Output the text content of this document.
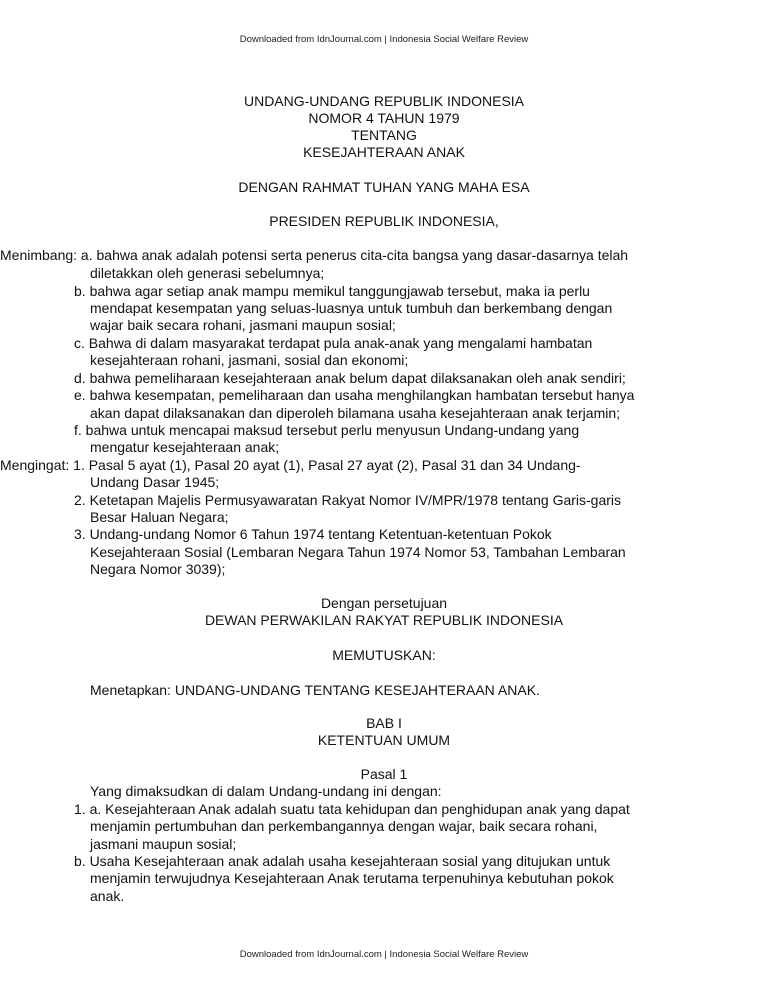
Downloaded from IdnJournal.com | Indonesia Social Welfare Review
UNDANG-UNDANG REPUBLIK INDONESIA
NOMOR 4 TAHUN 1979
TENTANG
KESEJAHTERAAN ANAK
DENGAN RAHMAT TUHAN YANG MAHA ESA
PRESIDEN REPUBLIK INDONESIA,
Menimbang: a. bahwa anak adalah potensi serta penerus cita-cita bangsa yang dasar-dasarnya telah
diletakkan oleh generasi sebelumnya;
b. bahwa agar setiap anak mampu memikul tanggungjawab tersebut, maka ia perlu
mendapat kesempatan yang seluas-luasnya untuk tumbuh dan berkembang dengan
wajar baik secara rohani, jasmani maupun sosial;
c. Bahwa di dalam masyarakat terdapat pula anak-anak yang mengalami hambatan
kesejahteraan rohani, jasmani, sosial dan ekonomi;
d. bahwa pemeliharaan kesejahteraan anak belum dapat dilaksanakan oleh anak sendiri;
e. bahwa kesempatan, pemeliharaan dan usaha menghilangkan hambatan tersebut hanya
akan dapat dilaksanakan dan diperoleh bilamana usaha kesejahteraan anak terjamin;
f. bahwa untuk mencapai maksud tersebut perlu menyusun Undang-undang yang
mengatur kesejahteraan anak;
Mengingat: 1. Pasal 5 ayat (1), Pasal 20 ayat (1), Pasal 27 ayat (2), Pasal 31 dan 34 Undang-
Undang Dasar 1945;
2. Ketetapan Majelis Permusyawaratan Rakyat Nomor IV/MPR/1978 tentang Garis-garis
Besar Haluan Negara;
3. Undang-undang Nomor 6 Tahun 1974 tentang Ketentuan-ketentuan Pokok
Kesejahteraan Sosial (Lembaran Negara Tahun 1974 Nomor 53, Tambahan Lembaran
Negara Nomor 3039);
Dengan persetujuan
DEWAN PERWAKILAN RAKYAT REPUBLIK INDONESIA
MEMUTUSKAN:
Menetapkan: UNDANG-UNDANG TENTANG KESEJAHTERAAN ANAK.
BAB I
KETENTUAN UMUM
Pasal 1
Yang dimaksudkan di dalam Undang-undang ini dengan:
1. a. Kesejahteraan Anak adalah suatu tata kehidupan dan penghidupan anak yang dapat
menjamin pertumbuhan dan perkembangannya dengan wajar, baik secara rohani,
jasmani maupun sosial;
b. Usaha Kesejahteraan anak adalah usaha kesejahteraan sosial yang ditujukan untuk
menjamin terwujudnya Kesejahteraan Anak terutama terpenuhinya kebutuhan pokok
anak.
Downloaded from IdnJournal.com | Indonesia Social Welfare Review
